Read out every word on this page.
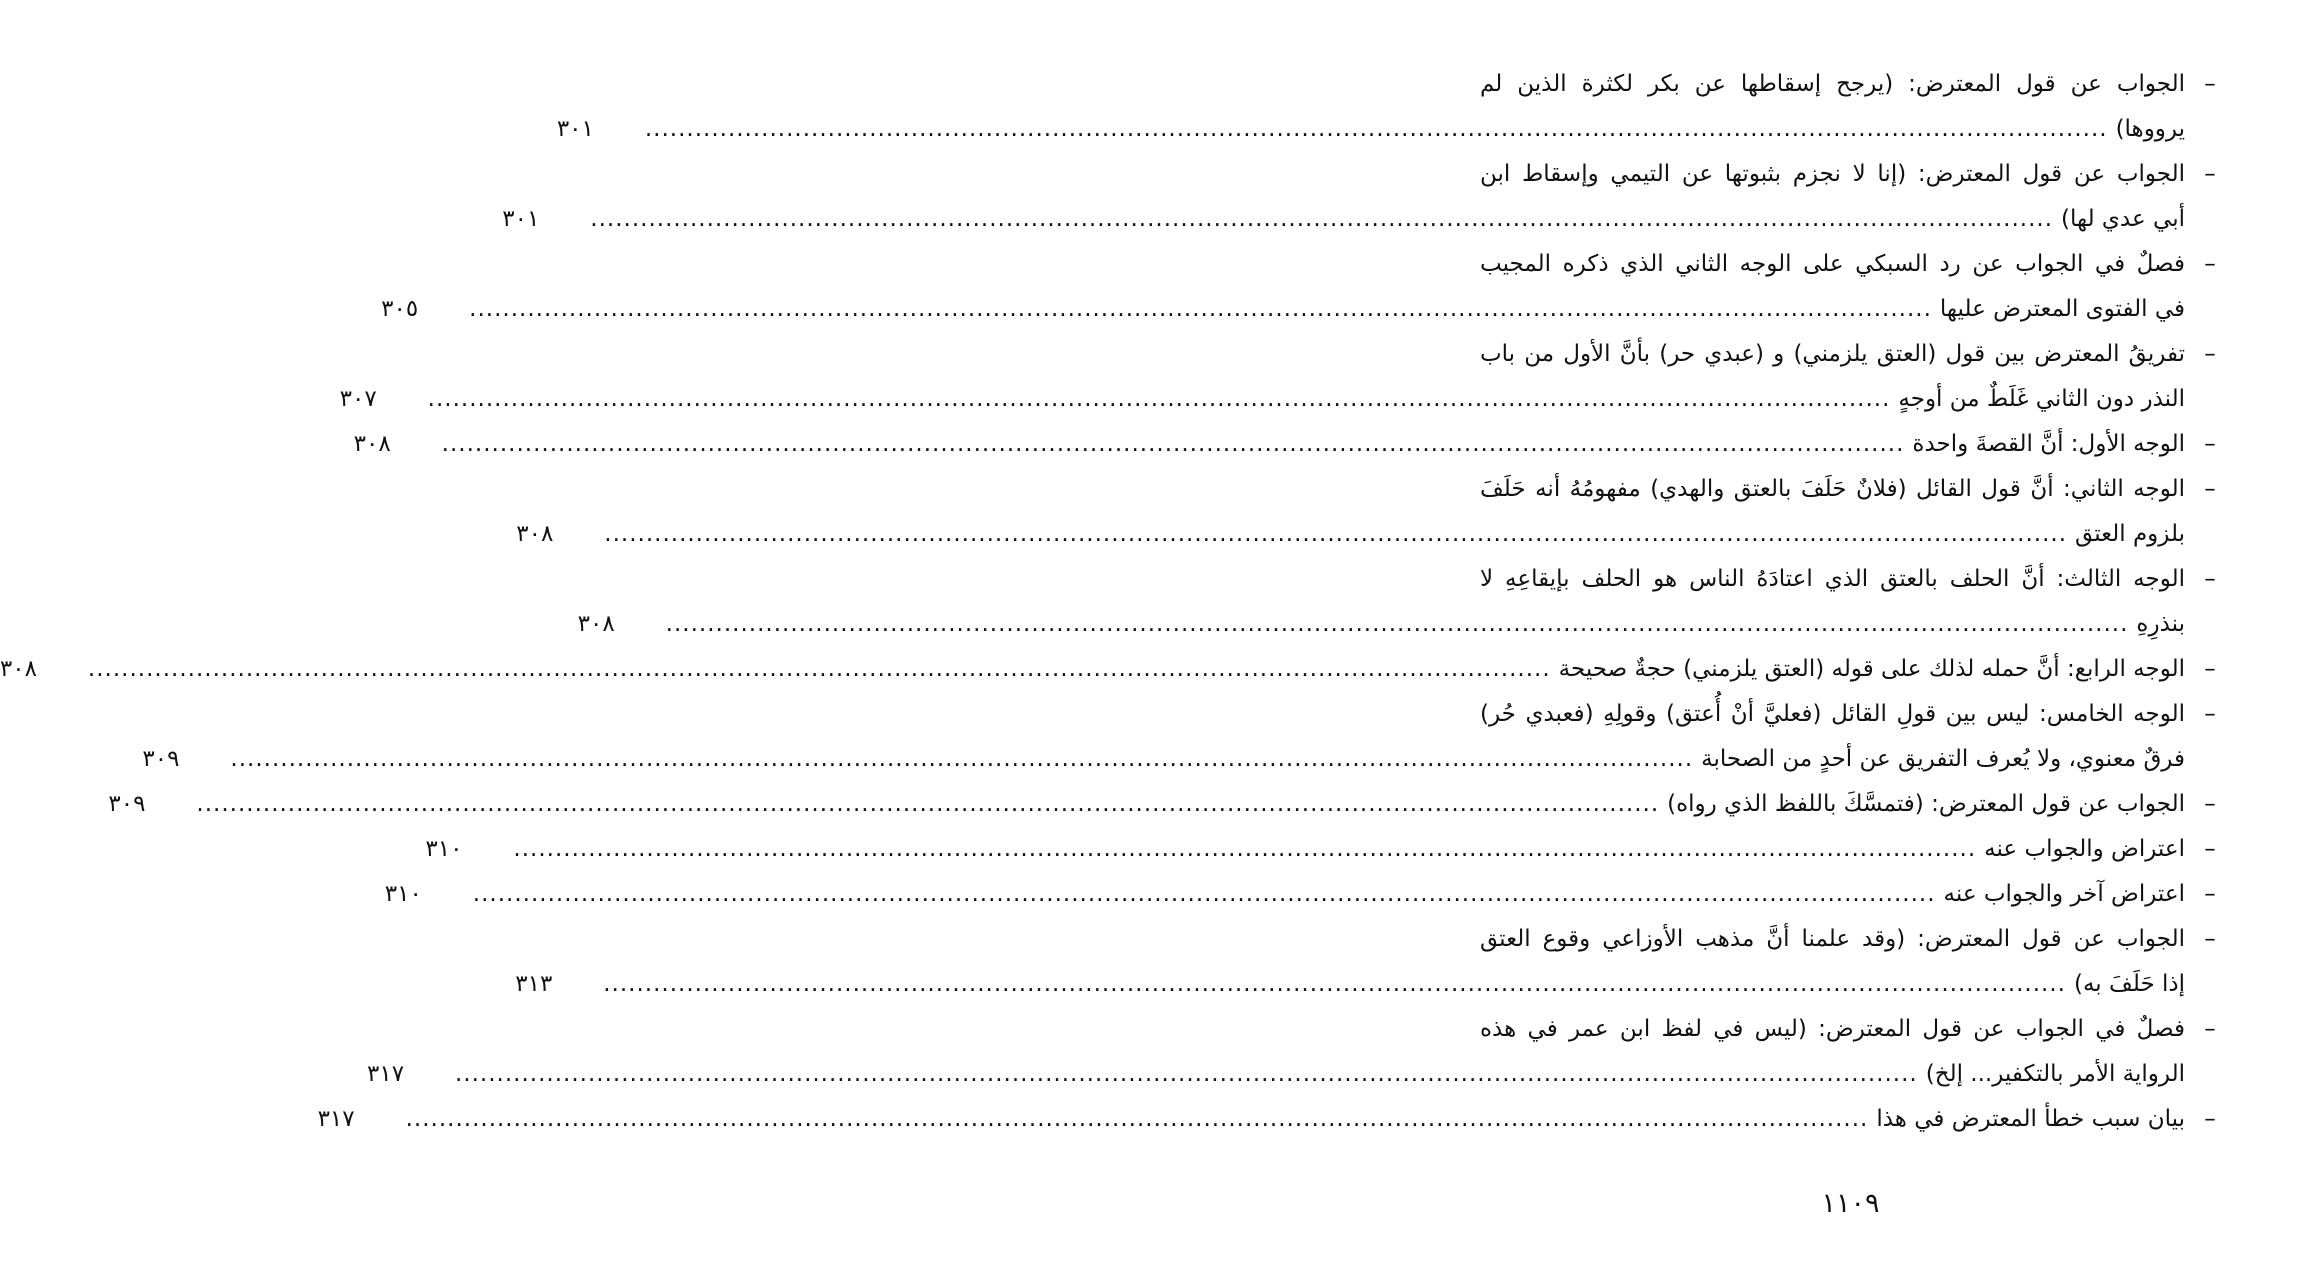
–
الجواب عن قول المعترض: (يرجح إسقاطها عن بكر لكثرة الذين لم
يرووها)
.....
٣٠١
–
الجواب عن قول المعترض: (إنا لا نجزم بثبوتها عن التيمي وإسقاط ابن
أبي عدي لها)
.....
٣٠١
–
فصلٌ في الجواب عن رد السبكي على الوجه الثاني الذي ذكره المجيب
في الفتوى المعترض عليها
.....
٣٠٥
–
تفريقُ المعترض بين قول (العتق يلزمني) و (عبدي حر) بأنَّ الأول من باب
النذر دون الثاني غَلَطٌ من أوجهٍ
.....
٣٠٧
–
الوجه الأول: أنَّ القصةَ واحدة
.....
٣٠٨
–
الوجه الثاني: أنَّ قول القائل (فلانٌ حَلَفَ بالعتق والهدي) مفهومُهُ أنه حَلَفَ
بلزوم العتق
.....
٣٠٨
–
الوجه الثالث: أنَّ الحلف بالعتق الذي اعتادَهُ الناس هو الحلف بإيقاعِهِ لا
بنذرِهِ
.....
٣٠٨
–
الوجه الرابع: أنَّ حمله لذلك على قوله (العتق يلزمني) حجةٌ صحيحة
.....
٣٠٨
–
الوجه الخامس: ليس بين قولِ القائل (فعليَّ أنْ أُعتق) وقولِهِ (فعبدي حُر)
فرقٌ معنوي، ولا يُعرف التفريق عن أحدٍ من الصحابة
.....
٣٠٩
–
الجواب عن قول المعترض: (فتمسَّكَ باللفظ الذي رواه)
.....
٣٠٩
–
اعتراض والجواب عنه
.....
٣١٠
–
اعتراض آخر والجواب عنه
.....
٣١٠
–
الجواب عن قول المعترض: (وقد علمنا أنَّ مذهب الأوزاعي وقوع العتق
إذا حَلَفَ به)
.....
٣١٣
–
فصلٌ في الجواب عن قول المعترض: (ليس في لفظ ابن عمر في هذه
الرواية الأمر بالتكفير... إلخ)
.....
٣١٧
–
بيان سبب خطأ المعترض في هذا
.....
٣١٧
١١٠٩
